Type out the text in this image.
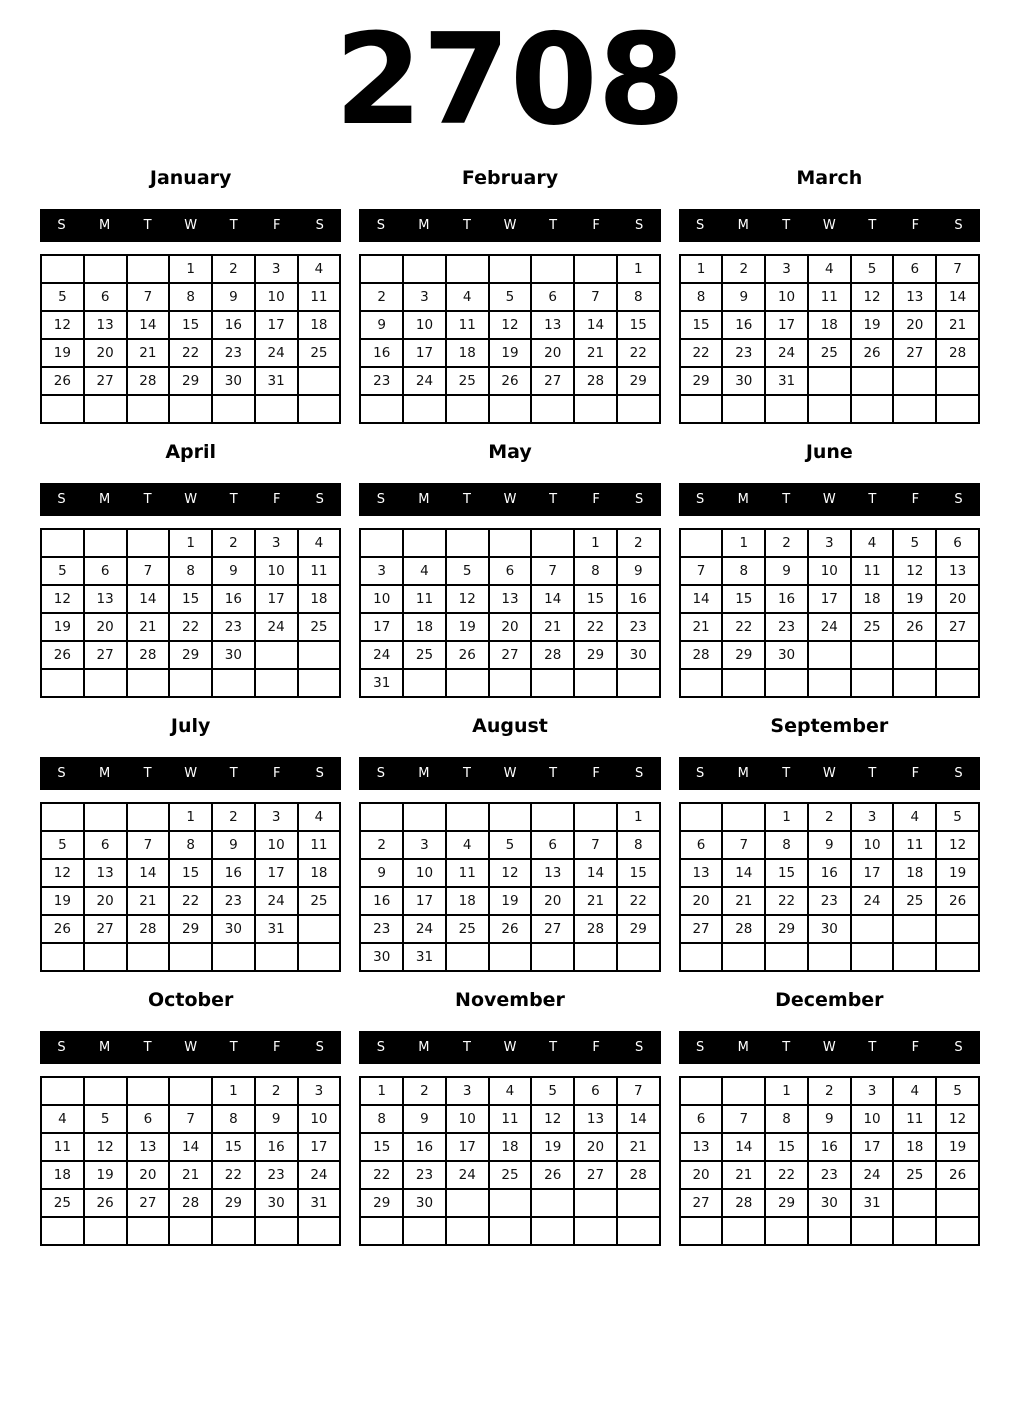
2708
January
S	M	T	W	T	F	S
			1	2	3	4
5	6	7	8	9	10	11
12	13	14	15	16	17	18
19	20	21	22	23	24	25
26	27	28	29	30	31	

February
S	M	T	W	T	F	S
						1
2	3	4	5	6	7	8
9	10	11	12	13	14	15
16	17	18	19	20	21	22
23	24	25	26	27	28	29

March
S	M	T	W	T	F	S
1	2	3	4	5	6	7
8	9	10	11	12	13	14
15	16	17	18	19	20	21
22	23	24	25	26	27	28
29	30	31				

April
S	M	T	W	T	F	S
			1	2	3	4
5	6	7	8	9	10	11
12	13	14	15	16	17	18
19	20	21	22	23	24	25
26	27	28	29	30		

May
S	M	T	W	T	F	S
					1	2
3	4	5	6	7	8	9
10	11	12	13	14	15	16
17	18	19	20	21	22	23
24	25	26	27	28	29	30
31						
June
S	M	T	W	T	F	S
	1	2	3	4	5	6
7	8	9	10	11	12	13
14	15	16	17	18	19	20
21	22	23	24	25	26	27
28	29	30				

July
S	M	T	W	T	F	S
			1	2	3	4
5	6	7	8	9	10	11
12	13	14	15	16	17	18
19	20	21	22	23	24	25
26	27	28	29	30	31	

August
S	M	T	W	T	F	S
						1
2	3	4	5	6	7	8
9	10	11	12	13	14	15
16	17	18	19	20	21	22
23	24	25	26	27	28	29
30	31					
September
S	M	T	W	T	F	S
		1	2	3	4	5
6	7	8	9	10	11	12
13	14	15	16	17	18	19
20	21	22	23	24	25	26
27	28	29	30			

October
S	M	T	W	T	F	S
				1	2	3
4	5	6	7	8	9	10
11	12	13	14	15	16	17
18	19	20	21	22	23	24
25	26	27	28	29	30	31

November
S	M	T	W	T	F	S
1	2	3	4	5	6	7
8	9	10	11	12	13	14
15	16	17	18	19	20	21
22	23	24	25	26	27	28
29	30					

December
S	M	T	W	T	F	S
		1	2	3	4	5
6	7	8	9	10	11	12
13	14	15	16	17	18	19
20	21	22	23	24	25	26
27	28	29	30	31		
